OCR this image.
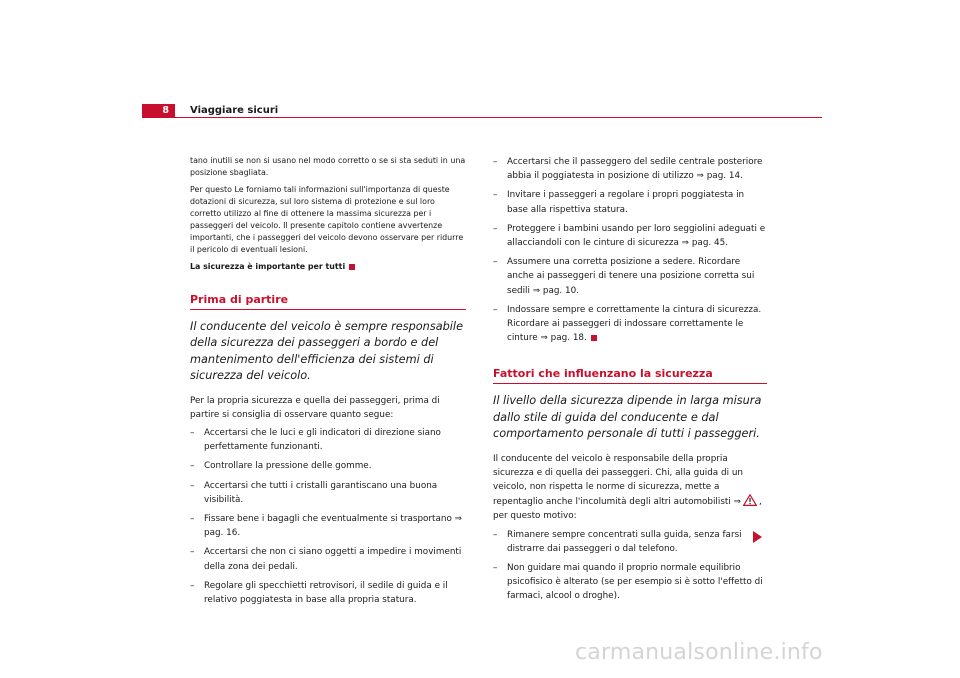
8	Viaggiare sicuri

tano inutili se non si usano nel modo corretto o se si sta seduti in una posizione sbagliata.

Per questo Le forniamo tali informazioni sull'importanza di queste dotazioni di sicurezza, sul loro sistema di protezione e sul loro corretto utilizzo al fine di ottenere la massima sicurezza per i passeggeri del veicolo. Il presente capitolo contiene avvertenze importanti, che i passeggeri del veicolo devono osservare per ridurre il pericolo di eventuali lesioni.

La sicurezza è importante per tutti

Prima di partire

Il conducente del veicolo è sempre responsabile della sicurezza dei passeggeri a bordo e del mantenimento dell'efficienza dei sistemi di sicurezza del veicolo.

Per la propria sicurezza e quella dei passeggeri, prima di partire si consiglia di osservare quanto segue:

– Accertarsi che le luci e gli indicatori di direzione siano perfettamente funzionanti.
– Controllare la pressione delle gomme.
– Accertarsi che tutti i cristalli garantiscano una buona visibilità.
– Fissare bene i bagagli che eventualmente si trasportano ⇒ pag. 16.
– Accertarsi che non ci siano oggetti a impedire i movimenti della zona dei pedali.
– Regolare gli specchietti retrovisori, il sedile di guida e il relativo poggiatesta in base alla propria statura.
– Accertarsi che il passeggero del sedile centrale posteriore abbia il poggiatesta in posizione di utilizzo ⇒ pag. 14.
– Invitare i passeggeri a regolare i propri poggiatesta in base alla rispettiva statura.
– Proteggere i bambini usando per loro seggiolini adeguati e allacciandoli con le cinture di sicurezza ⇒ pag. 45.
– Assumere una corretta posizione a sedere. Ricordare anche ai passeggeri di tenere una posizione corretta sui sedili ⇒ pag. 10.
– Indossare sempre e correttamente la cintura di sicurezza. Ricordare ai passeggeri di indossare correttamente le cinture ⇒ pag. 18.
Fattori che influenzano la sicurezza

Il livello della sicurezza dipende in larga misura dallo stile di guida del conducente e dal comportamento personale di tutti i passeggeri.

Il conducente del veicolo è responsabile della propria sicurezza e di quella dei passeggeri. Chi, alla guida di un veicolo, non rispetta le norme di sicurezza, mette a repentaglio anche l'incolumità degli altri automobilisti ⇒ , per questo motivo:

– Rimanere sempre concentrati sulla guida, senza farsi distrarre dai passeggeri o dal telefono.
– Non guidare mai quando il proprio normale equilibrio psicofisico è alterato (se per esempio si è sotto l'effetto di farmaci, alcool o droghe).
carmanualsonline.info
